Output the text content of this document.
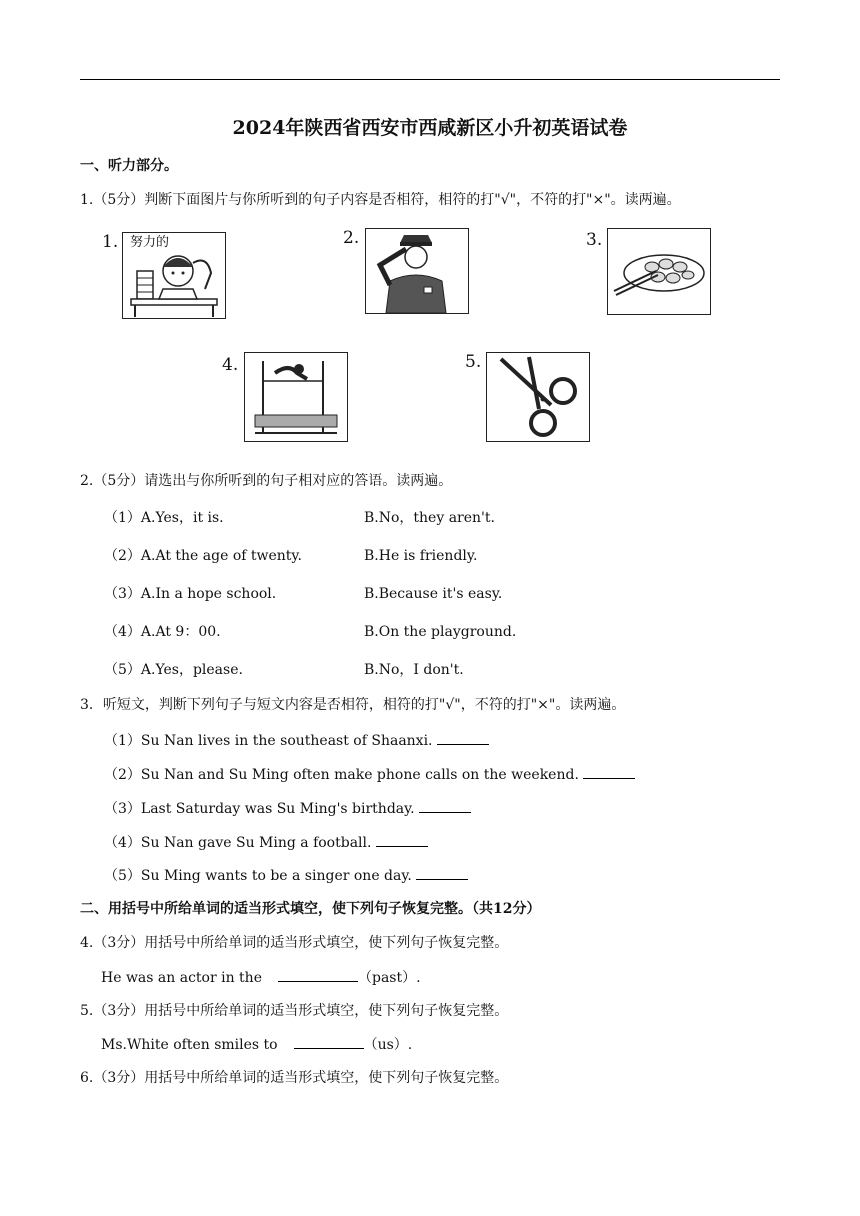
2024年陕西省西安市西咸新区小升初英语试卷
一、听力部分。
1.（5分）判断下面图片与你所听到的句子内容是否相符，相符的打"√"，不符的打"×"。读两遍。
1. 努力的	2.	3.
4.	5.
2.（5分）请选出与你所听到的句子相对应的答语。读两遍。
（1）A.Yes，it is.	B.No，they aren't.
（2）A.At the age of twenty.	B.He is friendly.
（3）A.In a hope school.	B.Because it's easy.
（4）A.At 9：00.	B.On the playground.
（5）A.Yes，please.	B.No，I don't.
3．听短文，判断下列句子与短文内容是否相符，相符的打"√"，不符的打"×"。读两遍。
（1）Su Nan lives in the southeast of Shaanxi.
（2）Su Nan and Su Ming often make phone calls on the weekend.
（3）Last Saturday was Su Ming's birthday.
（4）Su Nan gave Su Ming a football.
（5）Su Ming wants to be a singer one day.
二、用括号中所给单词的适当形式填空，使下列句子恢复完整。（共12分）
4.（3分）用括号中所给单词的适当形式填空，使下列句子恢复完整。
He was an actor in the	（past）.
5.（3分）用括号中所给单词的适当形式填空，使下列句子恢复完整。
Ms.White often smiles to	（us）.
6.（3分）用括号中所给单词的适当形式填空，使下列句子恢复完整。
